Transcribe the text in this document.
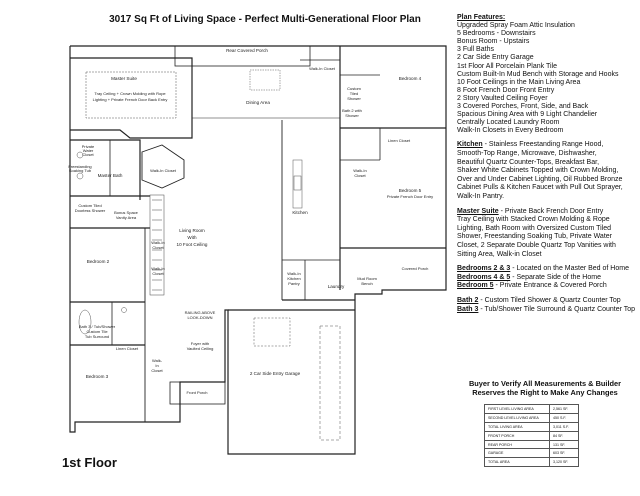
3017 Sq Ft of Living Space - Perfect Multi-Generational Floor Plan
Rear Covered Porch
Master Suite
Tray Ceiling + Crown Molding with Rope
Lighting + Private French Door Back Entry
Dining Area
Walk-In Closet
Bedroom 4
Custom
Tiled
Shower
Bath 2 with
Shower
Private
Water
Closet
Master Bath
Freestanding
Soaking Tub
Custom Tiled
Doorless Shower Bonus Space
Vanity Area
Walk-In Closet
Living Room
With
10 Foot Ceiling
Kitchen
Linen Closet
Walk-In
Closet
Bedroom 5
Private French Door Entry
Bedroom 2
Walk-In
Closet
Walk-In
Closet	Walk-In
Kitchen
Pantry
Laundry
Mud Room
Bench
Covered Porch
RAILING ABOVE
LOOK-DOWN
Bath 3 / Tub/Shower
Custom Tile
Tub Surround
Linen Closet
Foyer with
Vaulted Ceiling
Walk-
In
Closet
2 Car Side Entry Garage
Bedroom 3
Front Porch
1st Floor
Plan Features:
Upgraded Spray Foam Attic Insulation
5 Bedrooms - Downstairs
Bonus Room - Upstairs
3 Full Baths
2 Car Side Entry Garage
1st Floor All Porcelain Plank Tile
Custom Built-In Mud Bench with Storage and Hooks
10 Foot Ceilings in the Main Living Area
8 Foot French Door Front Entry
2 Story Vaulted Ceiling Foyer
3 Covered Porches, Front, Side, and Back
Spacious Dining Area with 9 Light Chandelier
Centrally Located Laundry Room
Walk-In Closets in Every Bedroom
Kitchen - Stainless Freestanding Range Hood,
Smooth-Top Range, Microwave, Dishwasher,
Beautiful Quartz Counter-Tops, Breakfast Bar,
Shaker White Cabinets Topped with Crown Molding,
Over and Under Cabinet Lighting, Oil Rubbed Bronze
Cabinet Pulls & Kitchen Faucet with Pull Out Sprayer,
Walk-In Pantry.
Master Suite - Private Back French Door Entry
Tray Ceiling with Stacked Crown Molding & Rope
Lighting, Bath Room with Oversized Custom Tiled
Shower, Freestanding Soaking Tub, Private Water
Closet, 2 Separate Double Quartz Top Vanities with
Sitting Area, Walk-in Closet
Bedrooms 2 & 3 - Located on the Master Bed of Home
Bedrooms 4 & 5 - Separate Side of the Home
Bedroom 5 - Private Entrance & Covered Porch
Bath 2 - Custom Tiled Shower & Quartz Counter Top
Bath 3 - Tub/Shower Tile Surround & Quartz Counter Top
Buyer to Verify All Measurements & Builder
Reserves the Right to Make Any Changes
FIRST LEVEL LIVING AREA	2,561 SF.
SECOND LEVEL LIVING AREA	450 S.F.
TOTAL LIVING AREA	3,011 S.F.
FRONT PORCH	84 SF.
REAR PORCH	131 SF.
GARAGE	603 SF.
TOTAL AREA	3,120 SF.
